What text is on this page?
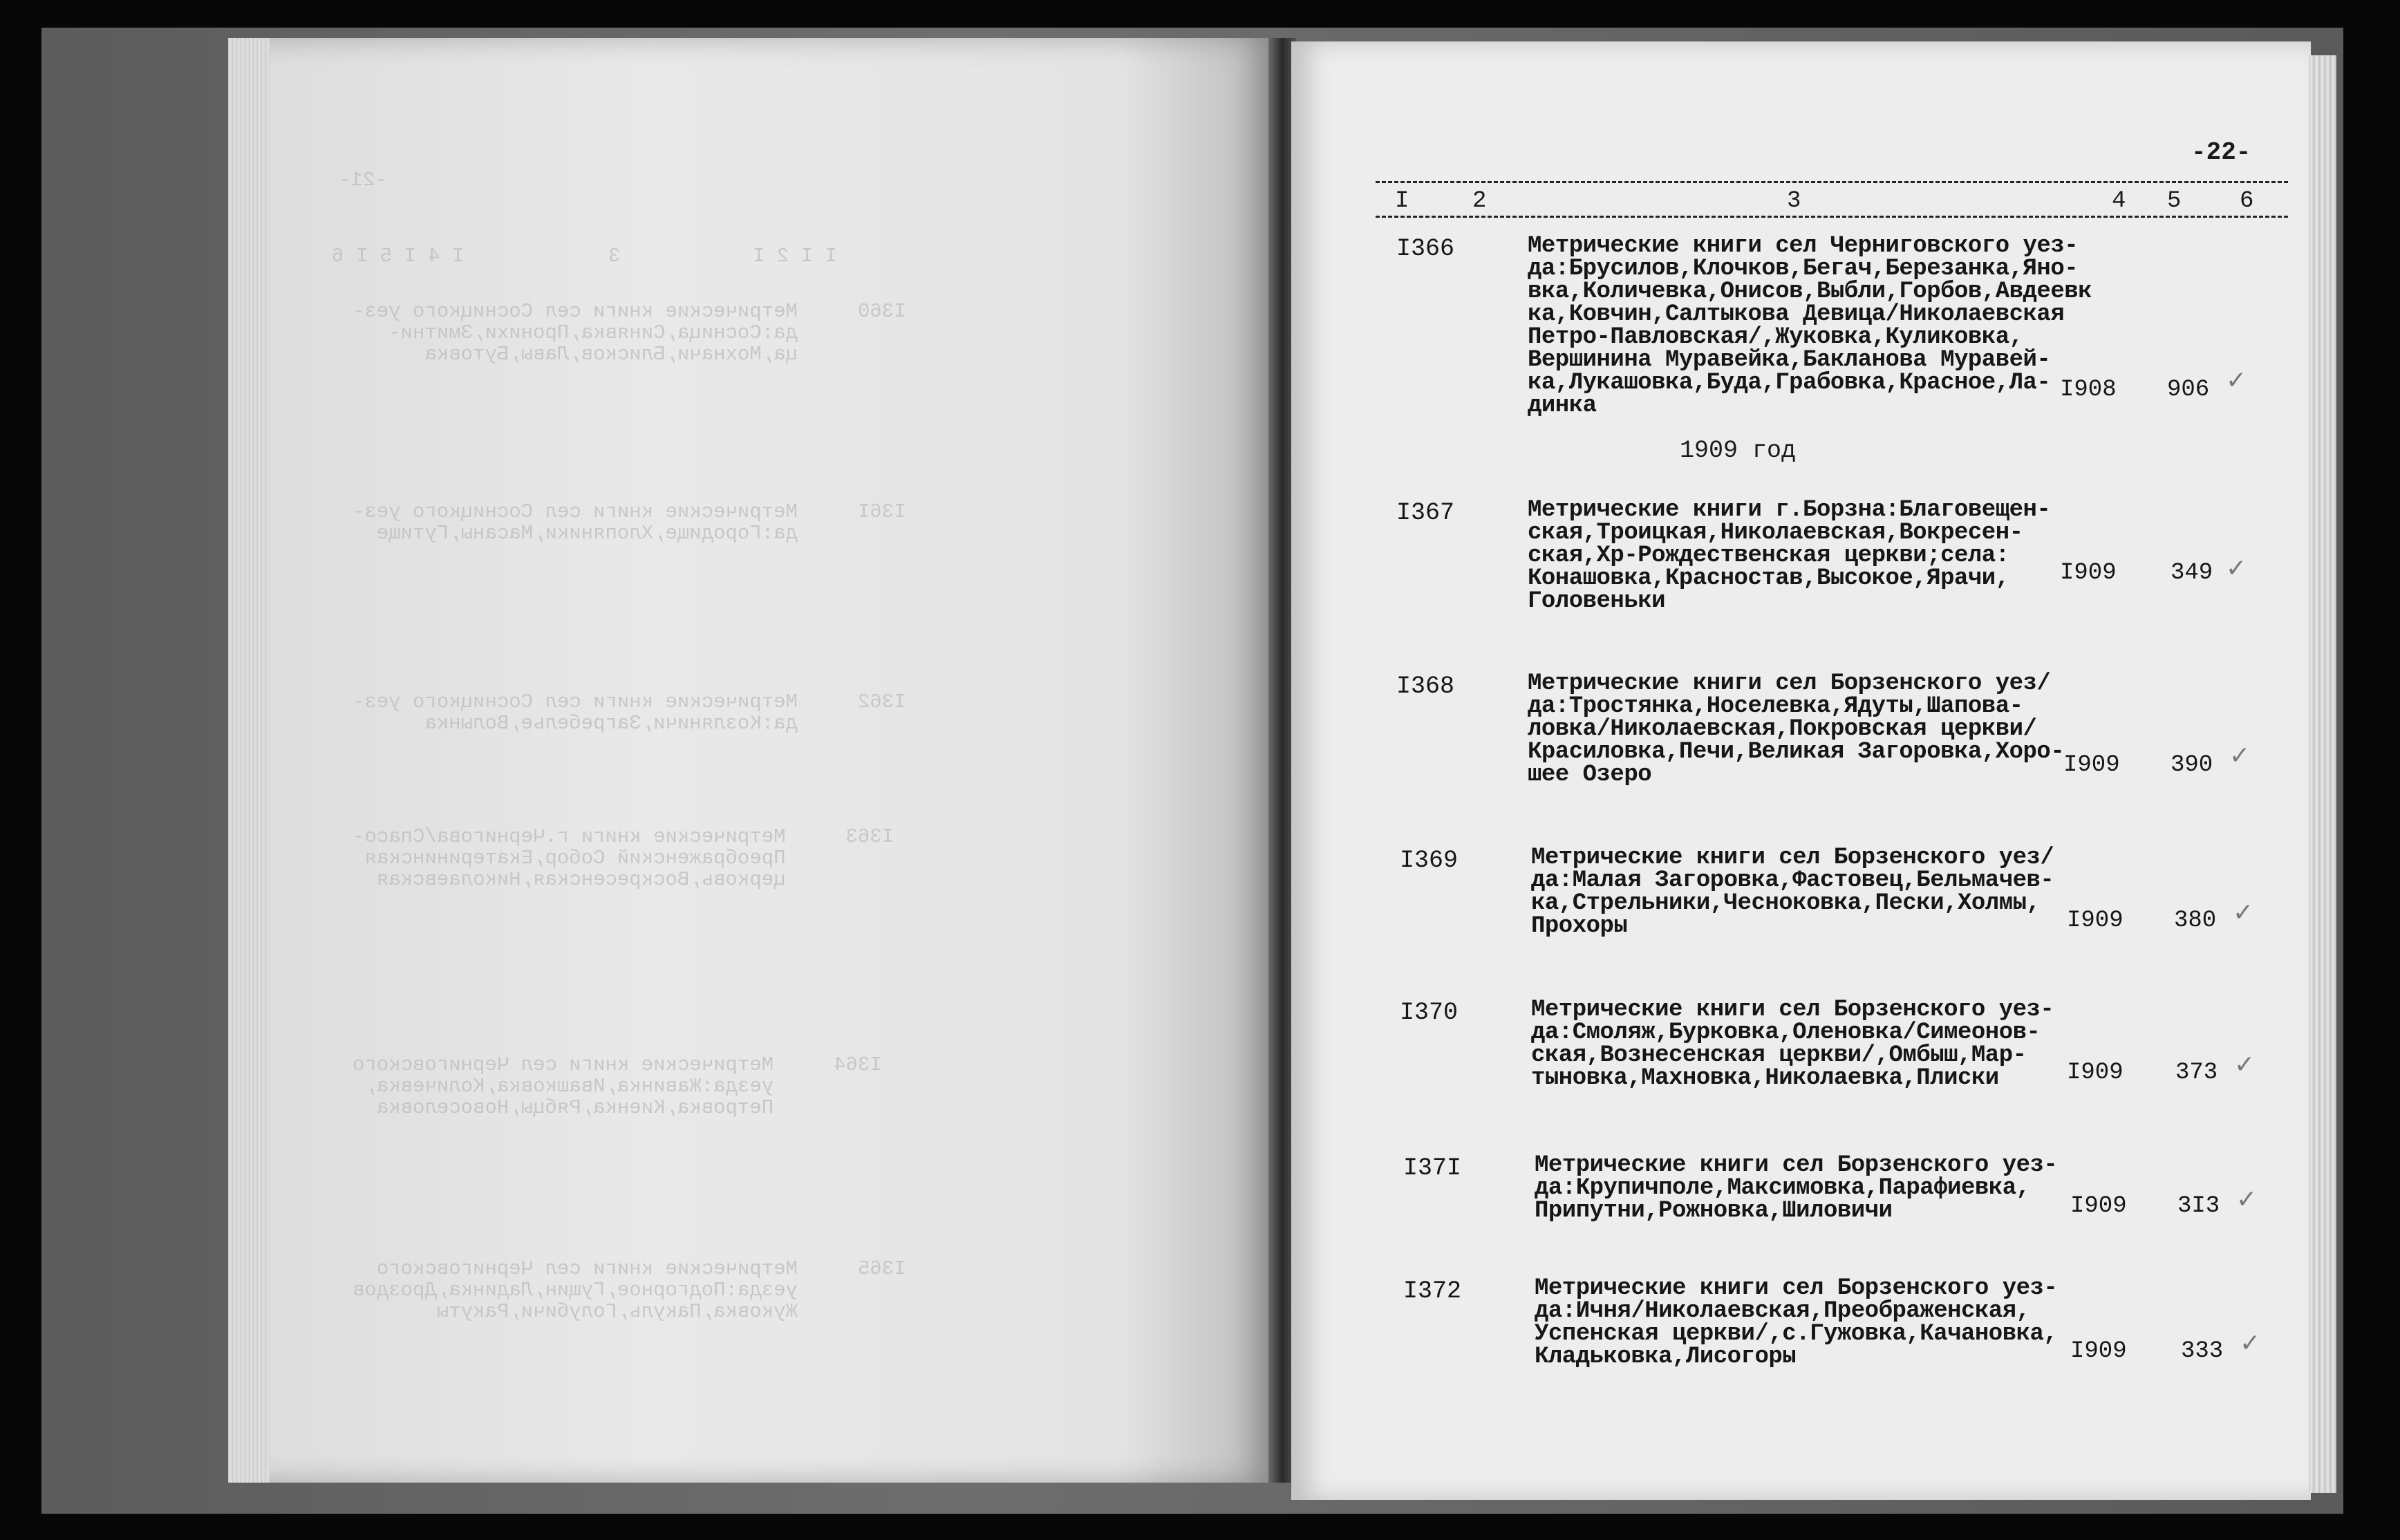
-21-
I I 2 I           3            I 4 I 5 I 6
I360     Метрические книги сел Сосницкого уез-
да:Сосница,Синявка,Пронихи,Змитни-
ца,Мохначи,Блисков,Лавы,Бутовка
I36I     Метрические книги сел Сосницкого уез-
да:Городище,Хлопяники,Масаны,Гутище
I362     Метрические книги сел Сосницкого уез-
да:Козляничи,Загребелье,Волынка
I363     Метрические книги г.Чернигова/Спасо-
Преображенский Собор,Екатерининская
церковь,Воскресенская,Николаевская
I364     Метрические книги сел Черниговского
уезда:Жавинка,Ивашковка,Количевка,
Петровка,Киенка,Рябцы,Новоселовка
I365     Метрические книги сел Черниговского
уезда:Подгорное,Гущин,Ладинка,Дроздов
Жуковка,Пакуль,Голубичи,Ракуты
-22-
I	2	3	4 5 6
1909 год
I366	Метрические книги сел Черниговского уез-
да:Брусилов,Клочков,Бегач,Березанка,Яно-
вка,Количевка,Онисов,Выбли,Горбов,Авдеевк
ка,Ковчин,Салтыкова Девица/Николаевская
Петро-Павловская/,Жуковка,Куликовка,
Вершинина Муравейка,Бакланова Муравей-
ка,Лукашовка,Буда,Грабовка,Красное,Ла-
динка
I908 906 ✓
I367	Метрические книги г.Борзна:Благовещен-
ская,Троицкая,Николаевская,Вокресен-
ская,Хр-Рождественская церкви;села:
Конашовка,Красностав,Высокое,Ярачи,
Головеньки
I909 349 ✓
I368	Метрические книги сел Борзенского уез/
да:Тростянка,Носелевка,Ядуты,Шапова-
ловка/Николаевская,Покровская церкви/
Красиловка,Печи,Великая Загоровка,Хоро-
шее Озеро	I909 390 ✓
I369	Метрические книги сел Борзенского уез/
да:Малая Загоровка,Фастовец,Бельмачев-
ка,Стрельники,Чесноковка,Пески,Холмы,
Прохоры	I909 380 ✓
I370	Метрические книги сел Борзенского уез-
да:Смоляж,Бурковка,Оленовка/Симеонов-
ская,Вознесенская церкви/,Омбыш,Мар-
тыновка,Махновка,Николаевка,Плиски	I909 373 ✓
I37I	Метрические книги сел Борзенского уез-
да:Крупичполе,Максимовка,Парафиевка,
Припутни,Рожновка,Шиловичи	I909 3I3 ✓
I372	Метрические книги сел Борзенского уез-
да:Ичня/Николаевская,Преображенская,
Успенская церкви/,с.Гужовка,Качановка,
Кладьковка,Лисогоры	I909 333 ✓
